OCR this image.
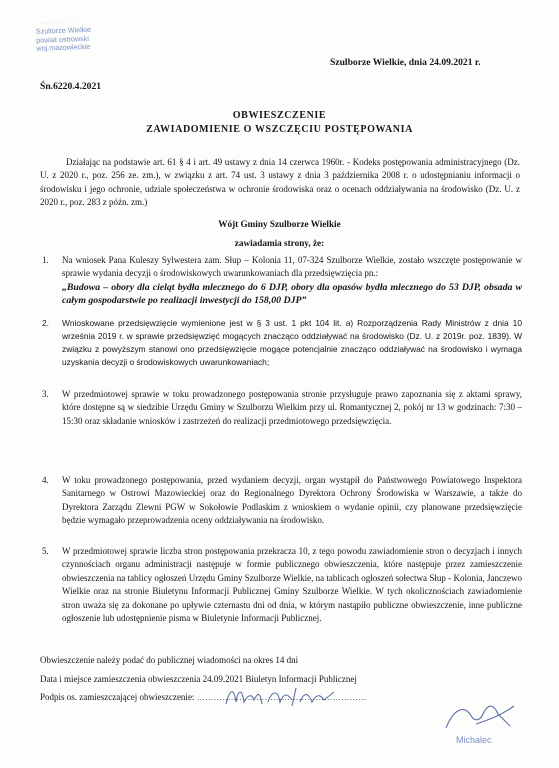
· · · · · · · · · · ·
Szultorze Wielkie
powiat ostrowski
woj.mazowieckie
Szulborze Wielkie, dnia 24.09.2021 r.
Śn.6220.4.2021
OBWIESZCZENIE
ZAWIADOMIENIE O WSZCZĘCIU POSTĘPOWANIA

Działając na podstawie art. 61 § 4 i art. 49 ustawy z dnia 14 czerwca 1960r. - Kodeks postępowania administracyjnego (Dz. U. z 2020 r., poz. 256 ze. zm.), w związku z art. 74 ust. 3 ustawy z dnia 3 października 2008 r. o udostępnianiu informacji o środowisku i jego ochronie, udziale społeczeństwa w ochronie środowiska oraz o ocenach oddziaływania na środowisko (Dz. U. z 2020 r., poz. 283 z późn. zm.)

Wójt Gminy Szulborze Wielkie
zawiadamia strony, że:
1. Na wniosek Pana Kuleszy Sylwestera zam. Słup – Kolonia 11, 07-324 Szulborze Wielkie, zostało wszczęte postępowanie w sprawie wydania decyzji o środowiskowych uwarunkowaniach dla przedsięwzięcia pn.:
„Budowa – obory dla cieląt bydła mlecznego do 6 DJP, obory dla opasów bydła mlecznego do 53 DJP, obsada w całym gospodarstwie po realizacji inwestycji do 158,00 DJP”
2. Wnioskowane przedsięwzięcie wymienione jest w § 3 ust. 1 pkt 104 lit. a) Rozporządzenia Rady Ministrów z dnia 10 września 2019 r. w sprawie przedsięwzięć mogących znacząco oddziaływać na środowisko (Dz. U. z 2019r. poz. 1839). W związku z powyższym stanowi ono przedsięwzięcie mogące potencjalnie znacząco oddziaływać na środowisko i wymaga uzyskania decyzji o środowiskowych uwarunkowaniach;
3. W przedmiotowej sprawie w toku prowadzonego postępowania stronie przysługuje prawo zapoznania się z aktami sprawy, które dostępne są w siedzibie Urzędu Gminy w Szulborzu Wielkim przy ul. Romantycznej 2, pokój nr 13 w godzinach: 7:30 – 15:30 oraz składanie wniosków i zastrzeżeń do realizacji przedmiotowego przedsięwzięcia.
4. W toku prowadzonego postępowania, przed wydaniem decyzji, organ wystąpił do Państwowego Powiatowego Inspektora Sanitarnego w Ostrowi Mazowieckiej oraz do Regionalnego Dyrektora Ochrony Środowiska w Warszawie, a także do Dyrektora Zarządu Zlewni PGW w Sokołowie Podlaskim z wnioskiem o wydanie opinii, czy planowane przedsięwzięcie będzie wymagało przeprowadzenia oceny oddziaływania na środowisko.
5. W przedmiotowej sprawie liczba stron postępowania przekracza 10, z tego powodu zawiadomienie stron o decyzjach i innych czynnościach organu administracji następuje w formie publicznego obwieszczenia, które następuje przez zamieszczenie obwieszczenia na tablicy ogłoszeń Urzędu Gminy Szulborze Wielkie, na tablicach ogłoszeń sołectwa Słup - Kolonia, Janczewo Wielkie oraz na stronie Biuletynu Informacji Publicznej Gminy Szulborze Wielkie. W tych okolicznościach zawiadomienie stron uważa się za dokonane po upływie czternastu dni od dnia, w którym nastąpiło publiczne obwieszczenie, inne publiczne ogłoszenie lub udostępnienie pisma w Biuletynie Informacji Publicznej.
Obwieszczenie należy podać do publicznej wiadomości na okres 14 dni
Data i miejsce zamieszczenia obwieszczenia 24.09.2021 Biuletyn Informacji Publicznej
Podpis os. zamieszczającej obwieszczenie: ……………………………………………………
Michalec
